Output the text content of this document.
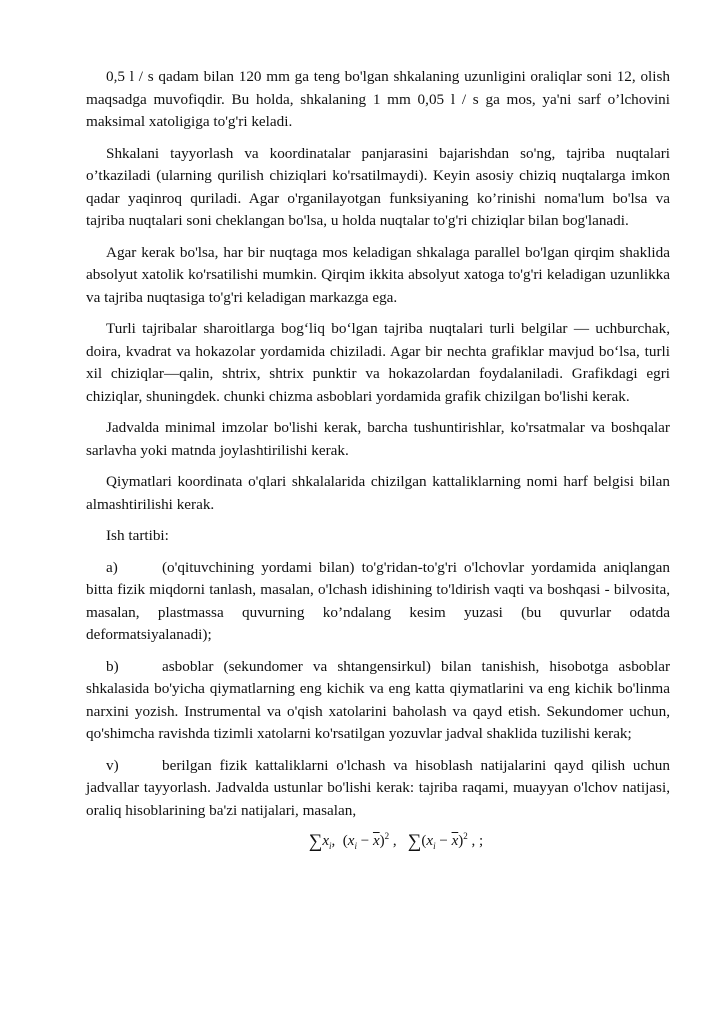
0,5 l / s qadam bilan 120 mm ga teng bo'lgan shkalaning uzunligini oraliqlar soni 12, olish maqsadga muvofiqdir. Bu holda, shkalaning 1 mm 0,05 l / s ga mos, ya'ni sarf o’lchovini maksimal xatoligiga to'g'ri keladi.

Shkalani tayyorlash va koordinatalar panjarasini bajarishdan so'ng, tajriba nuqtalari o’tkaziladi (ularning qurilish chiziqlari ko'rsatilmaydi). Keyin asosiy chiziq nuqtalarga imkon qadar yaqinroq quriladi. Agar o'rganilayotgan funksiyaning ko’rinishi noma'lum bo'lsa va tajriba nuqtalari soni cheklangan bo'lsa, u holda nuqtalar to'g'ri chiziqlar bilan bog'lanadi.

Agar kerak bo'lsa, har bir nuqtaga mos keladigan shkalaga parallel bo'lgan qirqim shaklida absolyut xatolik ko'rsatilishi mumkin. Qirqim ikkita absolyut xatoga to'g'ri keladigan uzunlikka va tajriba nuqtasiga to'g'ri keladigan markazga ega.

Turli tajribalar sharoitlarga bog‘liq bo‘lgan tajriba nuqtalari turli belgilar — uchburchak, doira, kvadrat va hokazolar yordamida chiziladi. Agar bir nechta grafiklar mavjud bo‘lsa, turli xil chiziqlar—qalin, shtrix, shtrix punktir va hokazolardan foydalaniladi. Grafikdagi egri chiziqlar, shuningdek. chunki chizma asboblari yordamida grafik chizilgan bo'lishi kerak.

Jadvalda minimal imzolar bo'lishi kerak, barcha tushuntirishlar, ko'rsatmalar va boshqalar sarlavha yoki matnda joylashtirilishi kerak.

Qiymatlari koordinata o'qlari shkalalarida chizilgan kattaliklarning nomi harf belgisi bilan almashtirilishi kerak.

Ish tartibi:

a)	(o'qituvchining yordami bilan) to'g'ridan-to'g'ri o'lchovlar yordamida aniqlangan bitta fizik miqdorni tanlash, masalan, o'lchash idishining to'ldirish vaqti va boshqasi - bilvosita, masalan, plastmassa quvurning ko’ndalang kesim yuzasi (bu quvurlar odatda deformatsiyalanadi);

b)	asboblar (sekundomer va shtangensirkul) bilan tanishish, hisobotga asboblar shkalasida bo'yicha qiymatlarning eng kichik va eng katta qiymatlarini va eng kichik bo'linma narxini yozish. Instrumental va o'qish xatolarini baholash va qayd etish. Sekundomer uchun, qo'shimcha ravishda tizimli xatolarni ko'rsatilgan yozuvlar jadval shaklida tuzilishi kerak;

v)	berilgan fizik kattaliklarni o'lchash va hisoblash natijalarini qayd qilish uchun jadvallar tayyorlash. Jadvalda ustunlar bo'lishi kerak: tajriba raqami, muayyan o'lchov natijasi, oraliq hisoblarining ba'zi natijalari, masalan,

$\sum x_i$, $(x_i - \overline{x})^2$ , $\sum(x_i - \overline{x})^2$ , ;
